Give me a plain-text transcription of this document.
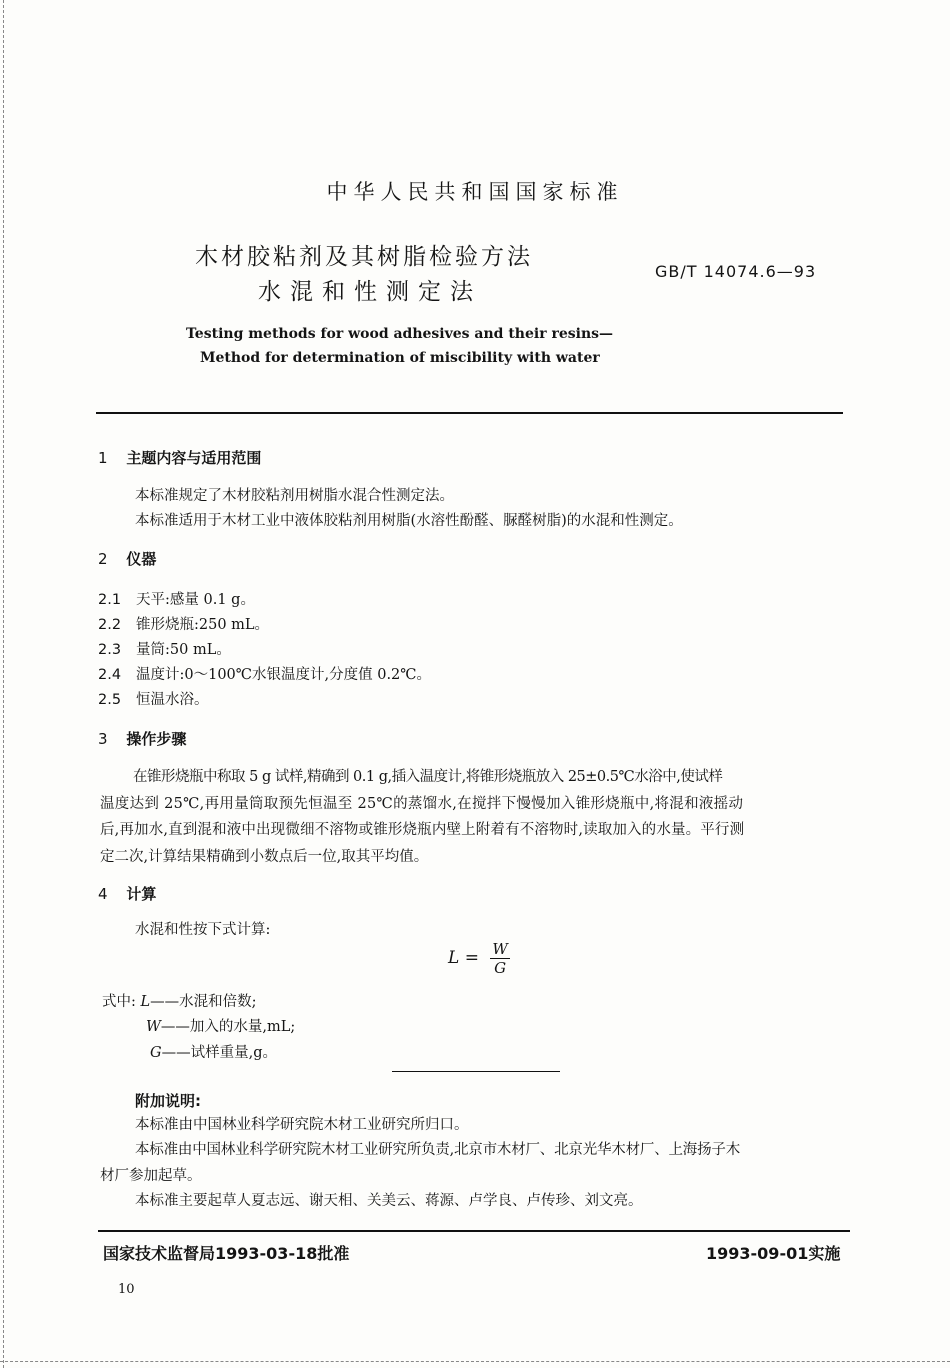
中华人民共和国国家标准
木材胶粘剂及其树脂检验方法
水混和性测定法
GB/T 14074.6—93
Testing methods for wood adhesives and their resins—
Method for determination of miscibility with water
1 主题内容与适用范围
本标准规定了木材胶粘剂用树脂水混合性测定法。
本标准适用于木材工业中液体胶粘剂用树脂(水溶性酚醛、脲醛树脂)的水混和性测定。
2 仪器
2.1 天平:感量 0.1 g。
2.2 锥形烧瓶:250 mL。
2.3 量筒:50 mL。
2.4 温度计:0～100℃水银温度计,分度值 0.2℃。
2.5 恒温水浴。
3 操作步骤
在锥形烧瓶中称取 5 g 试样,精确到 0.1 g,插入温度计,将锥形烧瓶放入 25±0.5℃水浴中,使试样
温度达到 25℃,再用量筒取预先恒温至 25℃的蒸馏水,在搅拌下慢慢加入锥形烧瓶中,将混和液摇动
后,再加水,直到混和液中出现微细不溶物或锥形烧瓶内壁上附着有不溶物时,读取加入的水量。平行测
定二次,计算结果精确到小数点后一位,取其平均值。
4 计算
水混和性按下式计算:
$L = \frac{W}{G}$
式中: L——水混和倍数;
W——加入的水量,mL;
G——试样重量,g。
附加说明:
本标准由中国林业科学研究院木材工业研究所归口。
本标准由中国林业科学研究院木材工业研究所负责,北京市木材厂、北京光华木材厂、上海扬子木
材厂参加起草。
本标准主要起草人夏志远、谢天相、关美云、蒋源、卢学良、卢传珍、刘文亮。
国家技术监督局1993-03-18批准	1993-09-01实施
10
